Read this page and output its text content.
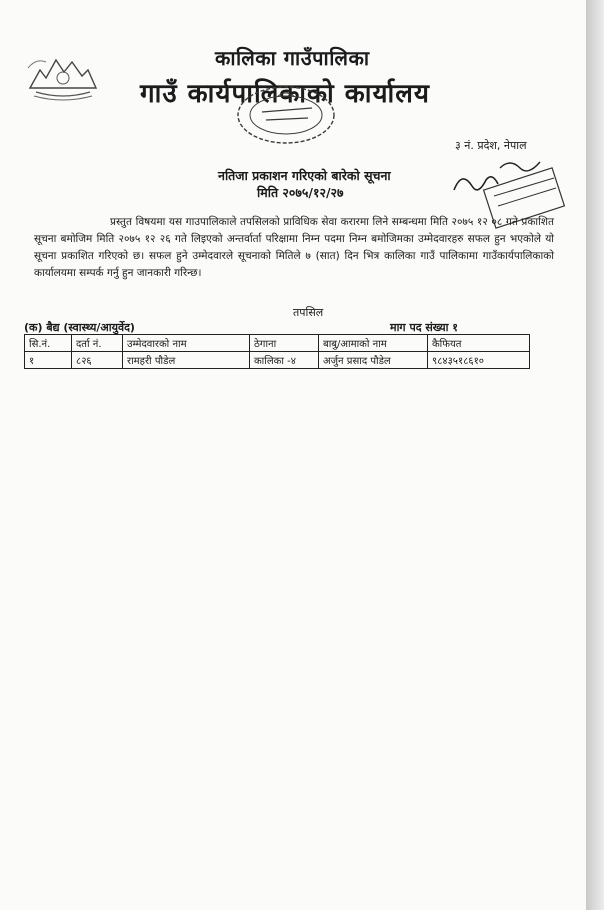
कालिका गाउँपालिका
गाउँ कार्यपालिकाको कार्यालय
३ नं. प्रदेश, नेपाल
नतिजा प्रकाशन गरिएको बारेको सूचना
मिति २०७५/१२/२७
प्रस्तुत विषयमा यस गाउपालिकाले तपसिलको प्राविधिक सेवा करारमा लिने सम्बन्धमा मिति २०७५ १२ ०८ गते प्रकाशित सूचना बमोजिम मिति २०७५ १२ २६ गते लिइएको अन्तर्वार्ता परिक्षामा निम्न पदमा निम्न बमोजिमका उम्मेदवारहरु सफल हुन भएकोले यो सूचना प्रकाशित गरिएको छ। सफल हुने उम्मेदवारले सूचनाको मितिले ७ (सात) दिन भित्र कालिका गाउँ पालिकामा गाउँकार्यपालिकाको कार्यालयमा सम्पर्क गर्नु हुन जानकारी गरिन्छ।
तपसिल
(क) बैद्य (स्वास्थ्य/आयुर्वेद)	माग पद संख्या १
सि.नं.	दर्ता नं.	उम्मेदवारको नाम	ठेगाना	बाबु/आमाको नाम	कैफियत
१	८२६	रामहरी पौडेल	कालिका -४	अर्जुन प्रसाद पौडेल	९८४३५१८६१०
